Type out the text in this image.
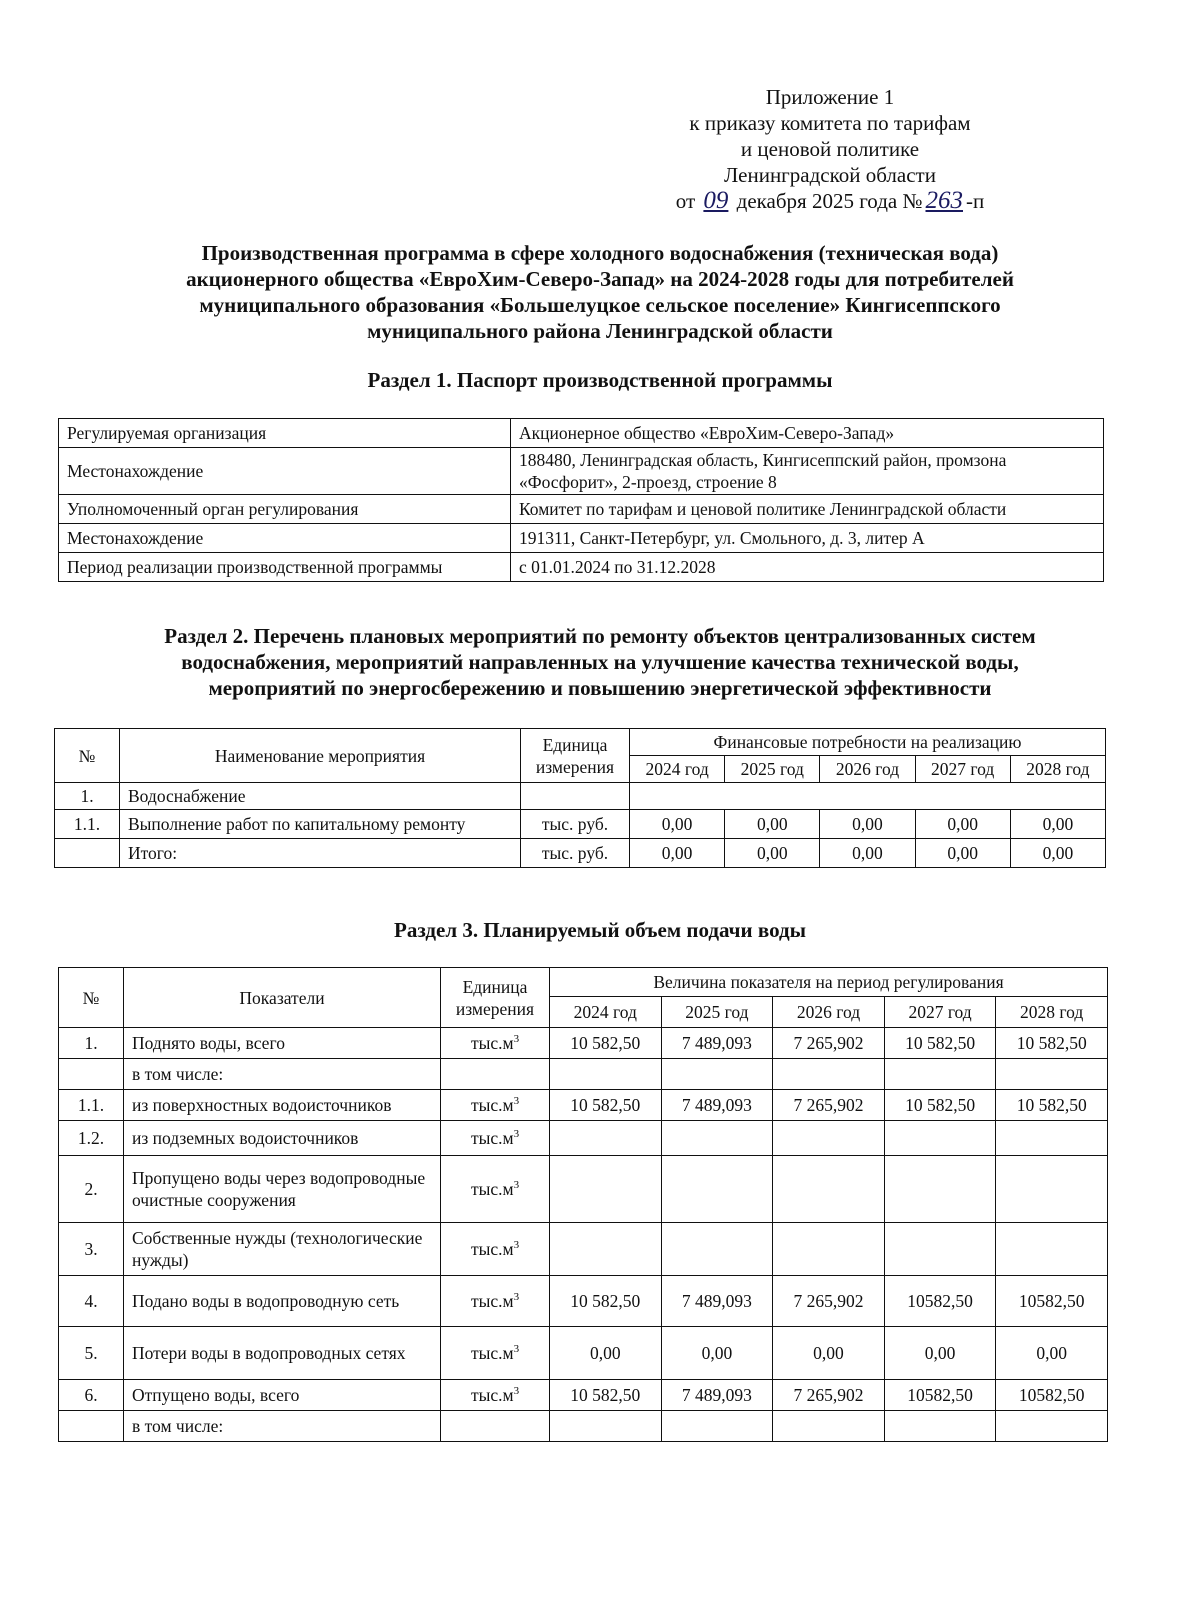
Приложение 1
к приказу комитета по тарифам
и ценовой политике
Ленинградской области
от 09 декабря 2025 года № 263 -п
Производственная программа в сфере холодного водоснабжения (техническая вода)
акционерного общества «ЕвроХим-Северо-Запад» на 2024-2028 годы для потребителей
муниципального образования «Большелуцкое сельское поселение» Кингисеппского
муниципального района Ленинградской области
Раздел 1. Паспорт производственной программы
Регулируемая организация	Акционерное общество «ЕвроХим-Северо-Запад»
Местонахождение	188480, Ленинградская область, Кингисеппский район, промзона «Фосфорит», 2-проезд, строение 8
Уполномоченный орган регулирования	Комитет по тарифам и ценовой политике Ленинградской области
Местонахождение	191311, Санкт-Петербург, ул. Смольного, д. 3, литер А
Период реализации производственной программы	с 01.01.2024 по 31.12.2028
Раздел 2. Перечень плановых мероприятий по ремонту объектов централизованных систем
водоснабжения, мероприятий направленных на улучшение качества технической воды,
мероприятий по энергосбережению и повышению энергетической эффективности
№	Наименование мероприятия	Единица измерения	Финансовые потребности на реализацию				
			2024 год	2025 год	2026 год	2027 год	2028 год
1.	Водоснабжение						
1.1.	Выполнение работ по капитальному ремонту	тыс. руб.	0,00	0,00	0,00	0,00	0,00
	Итого:	тыс. руб.	0,00	0,00	0,00	0,00	0,00
Раздел 3. Планируемый объем подачи воды
№	Показатели	Единица измерения	Величина показателя на период регулирования				
			2024 год	2025 год	2026 год	2027 год	2028 год
1.	Поднято воды, всего	$тыс.м^3$	10 582,50	7 489,093	7 265,902	10 582,50	10 582,50
	в том числе:						
1.1.	из поверхностных водоисточников	$тыс.м^3$	10 582,50	7 489,093	7 265,902	10 582,50	10 582,50
1.2.	из подземных водоисточников	$тыс.м^3$					
2.	Пропущено воды через водопроводные очистные сооружения	$тыс.м^3$					
3.	Собственные нужды (технологические нужды)	$тыс.м^3$					
4.	Подано воды в водопроводную сеть	$тыс.м^3$	10 582,50	7 489,093	7 265,902	10582,50	10582,50
5.	Потери воды в водопроводных сетях	$тыс.м^3$	0,00	0,00	0,00	0,00	0,00
6.	Отпущено воды, всего	$тыс.м^3$	10 582,50	7 489,093	7 265,902	10582,50	10582,50
	в том числе:						
